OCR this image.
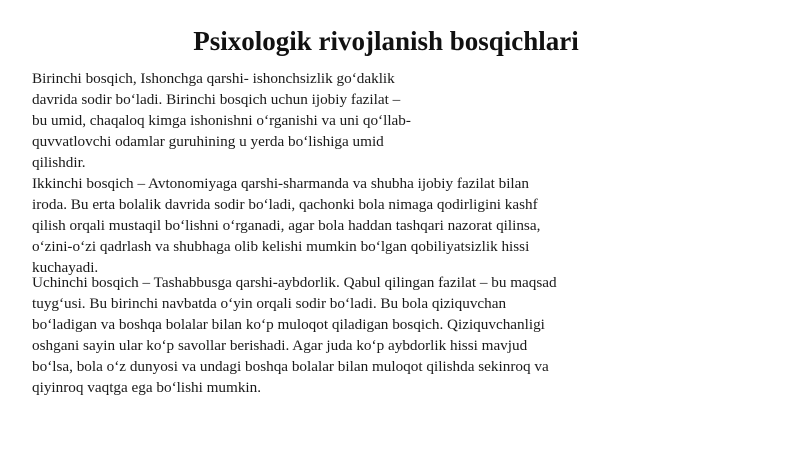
Psixologik rivojlanish bosqichlari

Birinchi bosqich, Ishonchga qarshi- ishonchsizlik go‘daklik
davrida sodir bo‘ladi. Birinchi bosqich uchun ijobiy fazilat –
bu umid, chaqaloq kimga ishonishni o‘rganishi va uni qo‘llab-
quvvatlovchi odamlar guruhining u yerda bo‘lishiga umid
qilishdir.

Ikkinchi bosqich – Avtonomiyaga qarshi-sharmanda va shubha ijobiy fazilat bilan
iroda. Bu erta bolalik davrida sodir bo‘ladi, qachonki bola nimaga qodirligini kashf
qilish orqali mustaqil bo‘lishni o‘rganadi, agar bola haddan tashqari nazorat qilinsa,
o‘zini-o‘zi qadrlash va shubhaga olib kelishi mumkin bo‘lgan qobiliyatsizlik hissi
kuchayadi.

Uchinchi bosqich – Tashabbusga qarshi-aybdorlik. Qabul qilingan fazilat – bu maqsad
tuyg‘usi. Bu birinchi navbatda o‘yin orqali sodir bo‘ladi. Bu bola qiziquvchan
bo‘ladigan va boshqa bolalar bilan ko‘p muloqot qiladigan bosqich. Qiziquvchanligi
oshgani sayin ular ko‘p savollar berishadi. Agar juda ko‘p aybdorlik hissi mavjud
bo‘lsa, bola o‘z dunyosi va undagi boshqa bolalar bilan muloqot qilishda sekinroq va
qiyinroq vaqtga ega bo‘lishi mumkin.
